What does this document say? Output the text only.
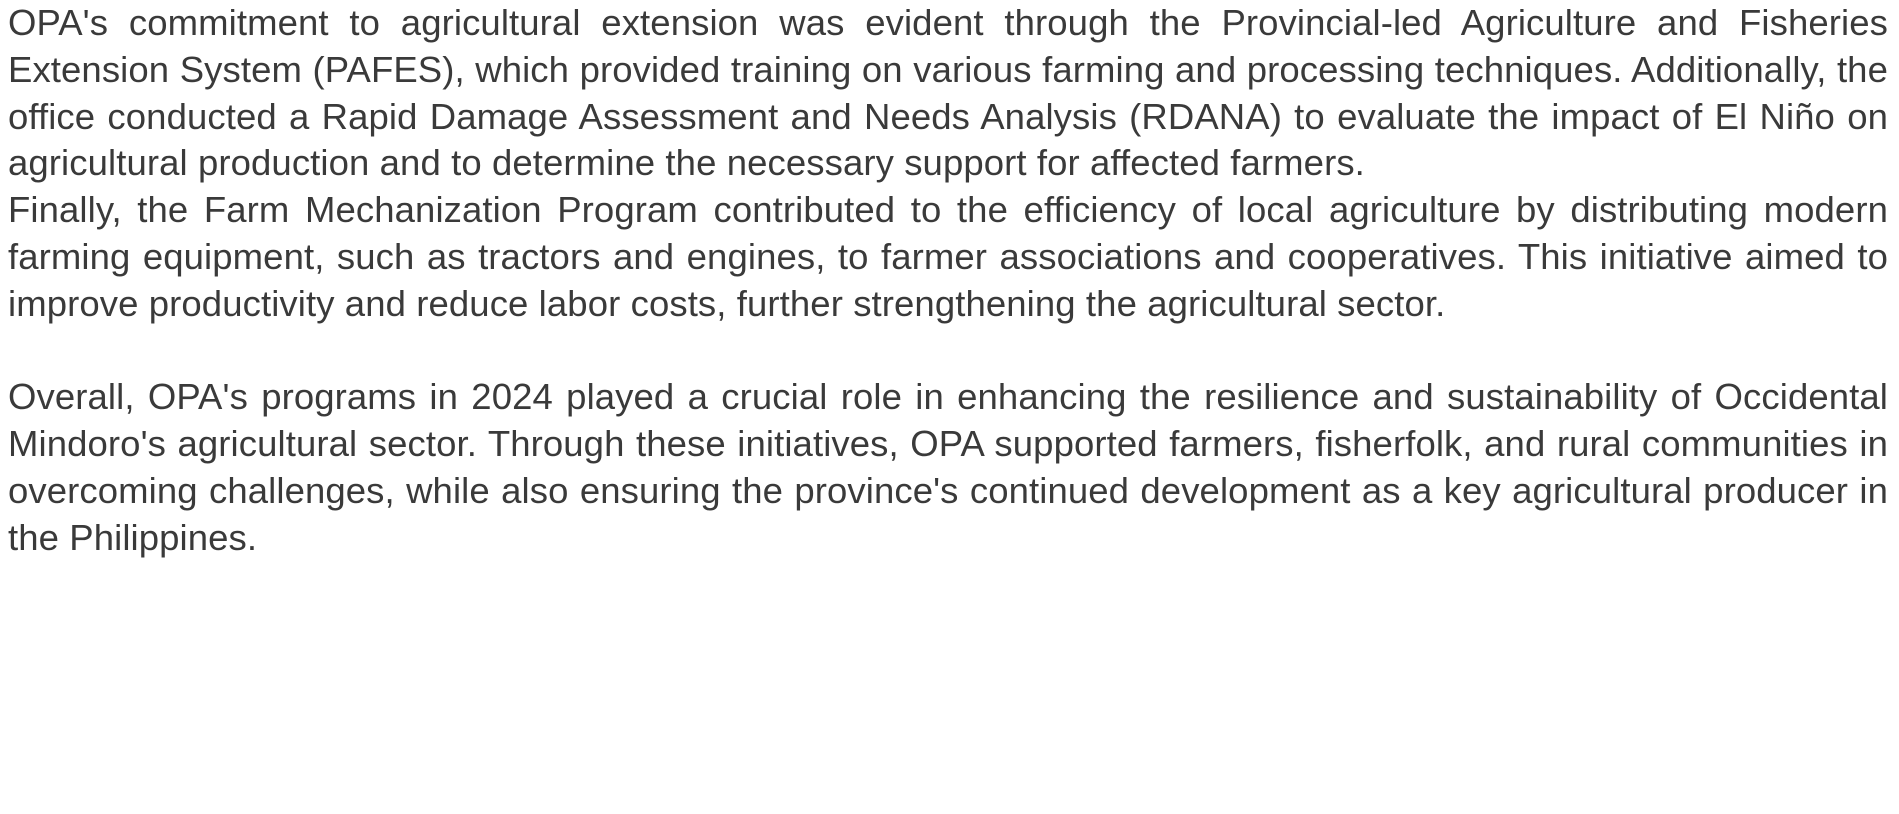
OPA's commitment to agricultural extension was evident through the Provincial-led Agriculture and Fisheries Extension System (PAFES), which provided training on various farming and processing techniques. Additionally, the office conducted a Rapid Damage Assessment and Needs Analysis (RDANA) to evaluate the impact of El Niño on agricultural production and to determine the necessary support for affected farmers.

Finally, the Farm Mechanization Program contributed to the efficiency of local agriculture by distributing modern farming equipment, such as tractors and engines, to farmer associations and cooperatives. This initiative aimed to improve productivity and reduce labor costs, further strengthening the agricultural sector.

Overall, OPA's programs in 2024 played a crucial role in enhancing the resilience and sustainability of Occidental Mindoro's agricultural sector. Through these initiatives, OPA supported farmers, fisherfolk, and rural communities in overcoming challenges, while also ensuring the province's continued development as a key agricultural producer in the Philippines.
